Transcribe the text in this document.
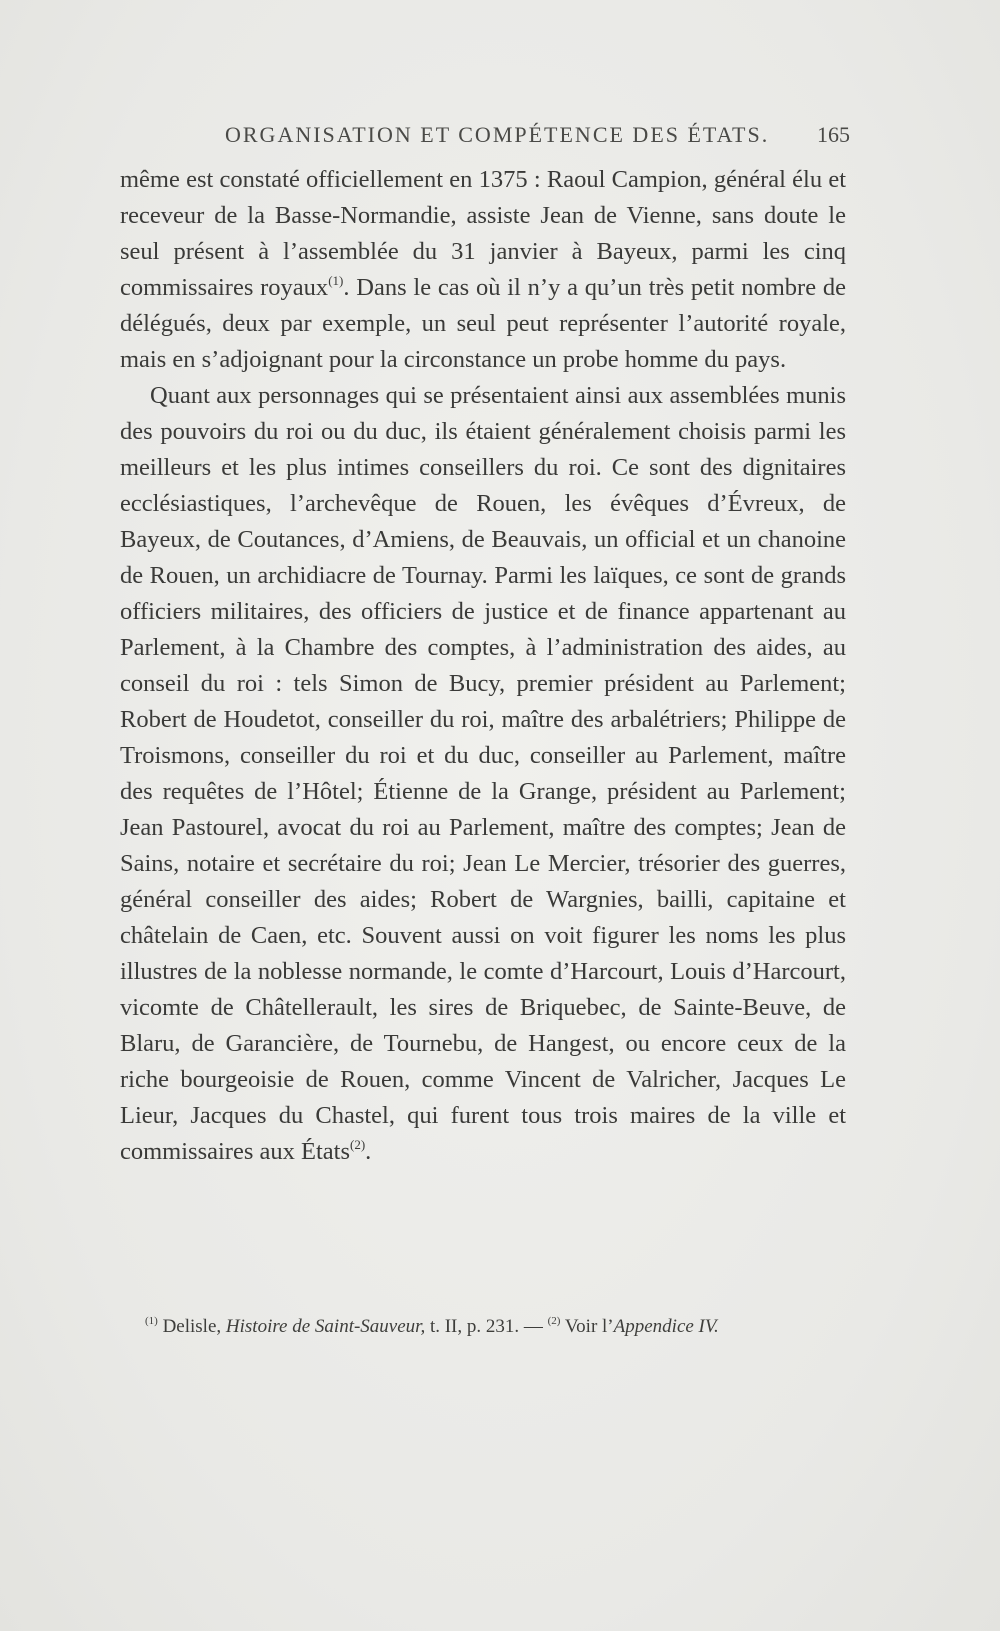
ORGANISATION ET COMPÉTENCE DES ÉTATS. 165

même est constaté officiellement en 1375 : Raoul Campion, général élu et receveur de la Basse-Normandie, assiste Jean de Vienne, sans doute le seul présent à l’assemblée du 31 janvier à Bayeux, parmi les cinq commissaires royaux$^{(1)}$. Dans le cas où il n’y a qu’un très petit nombre de délégués, deux par exemple, un seul peut représenter l’autorité royale, mais en s’adjoignant pour la circonstance un probe homme du pays.

Quant aux personnages qui se présentaient ainsi aux assemblées munis des pouvoirs du roi ou du duc, ils étaient généralement choisis parmi les meilleurs et les plus intimes conseillers du roi. Ce sont des dignitaires ecclésiastiques, l’archevêque de Rouen, les évêques d’Évreux, de Bayeux, de Coutances, d’Amiens, de Beauvais, un official et un chanoine de Rouen, un archidiacre de Tournay. Parmi les laïques, ce sont de grands officiers militaires, des officiers de justice et de finance appartenant au Parlement, à la Chambre des comptes, à l’administration des aides, au conseil du roi : tels Simon de Bucy, premier président au Parlement; Robert de Houdetot, conseiller du roi, maître des arbalétriers; Philippe de Troismons, conseiller du roi et du duc, conseiller au Parlement, maître des requêtes de l’Hôtel; Étienne de la Grange, président au Parlement; Jean Pastourel, avocat du roi au Parlement, maître des comptes; Jean de Sains, notaire et secrétaire du roi; Jean Le Mercier, trésorier des guerres, général conseiller des aides; Robert de Wargnies, bailli, capitaine et châtelain de Caen, etc. Souvent aussi on voit figurer les noms les plus illustres de la noblesse normande, le comte d’Harcourt, Louis d’Harcourt, vicomte de Châtellerault, les sires de Briquebec, de Sainte-Beuve, de Blaru, de Garancière, de Tournebu, de Hangest, ou encore ceux de la riche bourgeoisie de Rouen, comme Vincent de Valricher, Jacques Le Lieur, Jacques du Chastel, qui furent tous trois maires de la ville et commissaires aux États$^{(2)}$.

$^{(1)}$ Delisle, Histoire de Saint-Sauveur, t. II, p. 231. — $^{(2)}$ Voir l’Appendice IV.
